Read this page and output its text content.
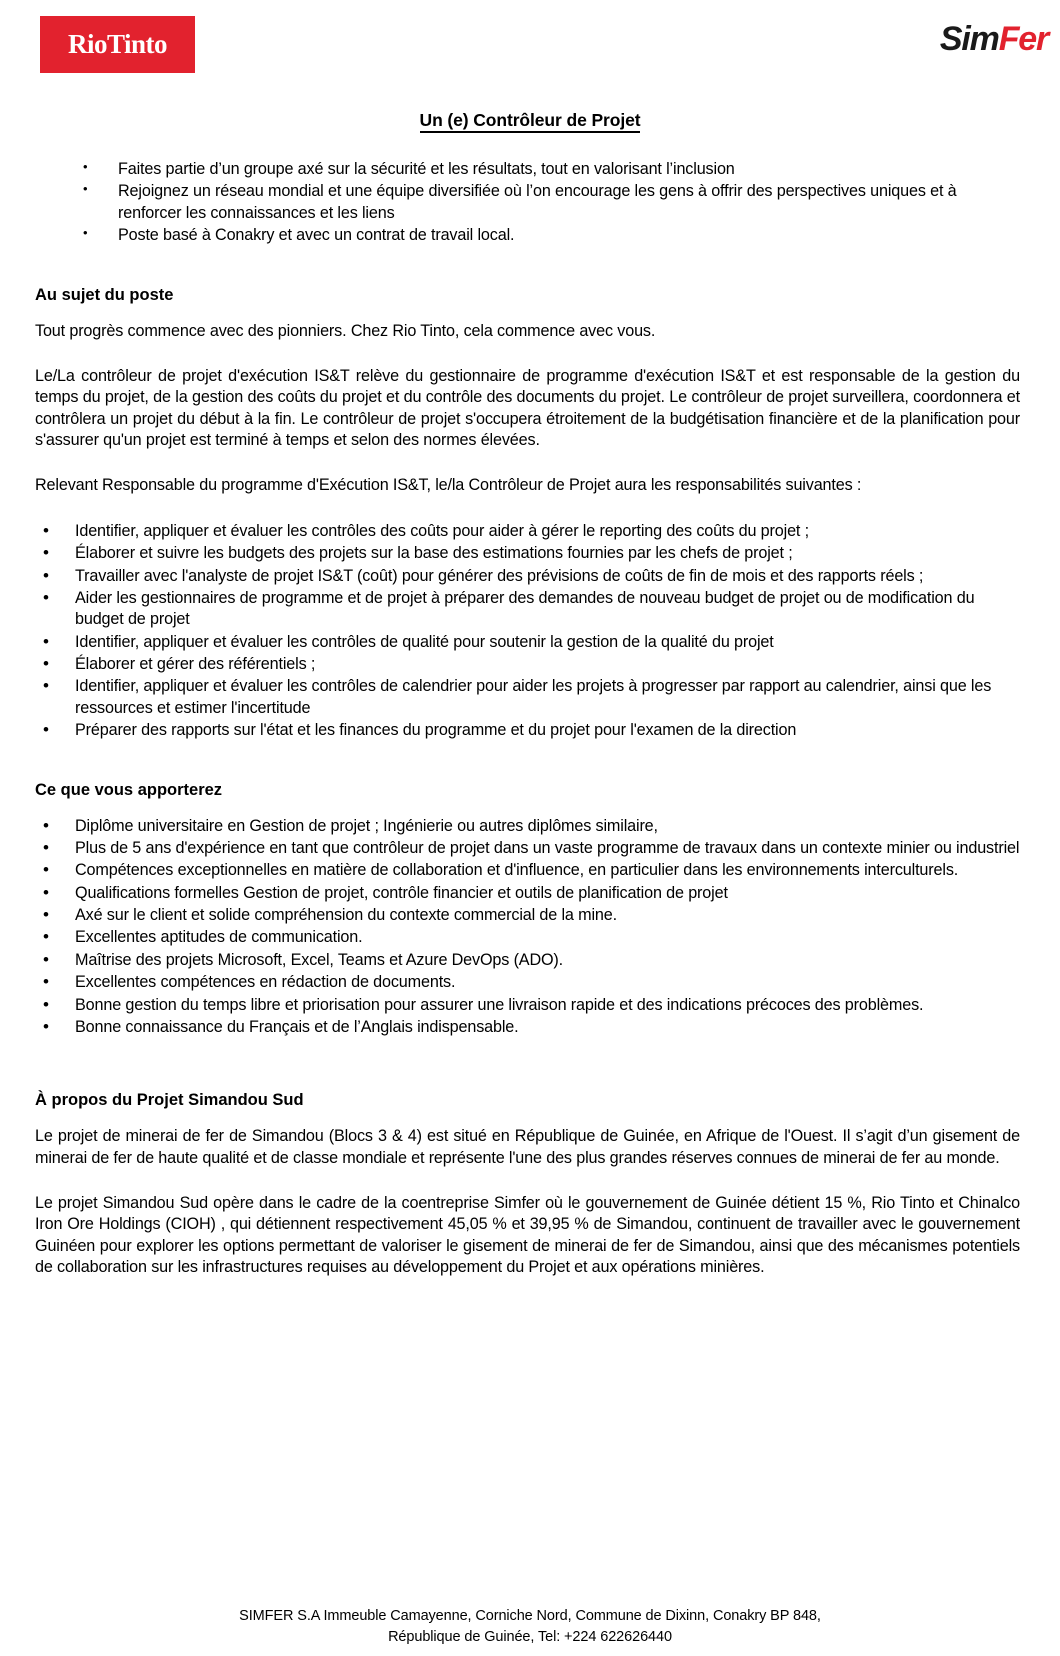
RioTinto	SimFer
Un (e) Contrôleur de Projet
• Faites partie d’un groupe axé sur la sécurité et les résultats, tout en valorisant l’inclusion
• Rejoignez un réseau mondial et une équipe diversifiée où l’on encourage les gens à offrir des perspectives uniques et à renforcer les connaissances et les liens
• Poste basé à Conakry et avec un contrat de travail local.
Au sujet du poste

Tout progrès commence avec des pionniers. Chez Rio Tinto, cela commence avec vous.

Le/La contrôleur de projet d'exécution IS&T relève du gestionnaire de programme d'exécution IS&T et est responsable de la gestion du temps du projet, de la gestion des coûts du projet et du contrôle des documents du projet. Le contrôleur de projet surveillera, coordonnera et contrôlera un projet du début à la fin. Le contrôleur de projet s'occupera étroitement de la budgétisation financière et de la planification pour s'assurer qu'un projet est terminé à temps et selon des normes élevées.

Relevant Responsable du programme d'Exécution IS&T, le/la Contrôleur de Projet aura les responsabilités suivantes :

• Identifier, appliquer et évaluer les contrôles des coûts pour aider à gérer le reporting des coûts du projet ;
• Élaborer et suivre les budgets des projets sur la base des estimations fournies par les chefs de projet ;
• Travailler avec l'analyste de projet IS&T (coût) pour générer des prévisions de coûts de fin de mois et des rapports réels ;
• Aider les gestionnaires de programme et de projet à préparer des demandes de nouveau budget de projet ou de modification du budget de projet
• Identifier, appliquer et évaluer les contrôles de qualité pour soutenir la gestion de la qualité du projet
• Élaborer et gérer des référentiels ;
• Identifier, appliquer et évaluer les contrôles de calendrier pour aider les projets à progresser par rapport au calendrier, ainsi que les ressources et estimer l'incertitude
• Préparer des rapports sur l'état et les finances du programme et du projet pour l'examen de la direction
Ce que vous apporterez
• Diplôme universitaire en Gestion de projet ; Ingénierie ou autres diplômes similaire,
• Plus de 5 ans d'expérience en tant que contrôleur de projet dans un vaste programme de travaux dans un contexte minier ou industriel
• Compétences exceptionnelles en matière de collaboration et d'influence, en particulier dans les environnements interculturels.
• Qualifications formelles Gestion de projet, contrôle financier et outils de planification de projet
• Axé sur le client et solide compréhension du contexte commercial de la mine.
• Excellentes aptitudes de communication.
• Maîtrise des projets Microsoft, Excel, Teams et Azure DevOps (ADO).
• Excellentes compétences en rédaction de documents.
• Bonne gestion du temps libre et priorisation pour assurer une livraison rapide et des indications précoces des problèmes.
• Bonne connaissance du Français et de l’Anglais indispensable.
À propos du Projet Simandou Sud

Le projet de minerai de fer de Simandou (Blocs 3 & 4) est situé en République de Guinée, en Afrique de l'Ouest. Il s’agit d’un gisement de minerai de fer de haute qualité et de classe mondiale et représente l'une des plus grandes réserves connues de minerai de fer au monde.

Le projet Simandou Sud opère dans le cadre de la coentreprise Simfer où le gouvernement de Guinée détient 15 %, Rio Tinto et Chinalco Iron Ore Holdings (CIOH) , qui détiennent respectivement 45,05 % et 39,95 % de Simandou, continuent de travailler avec le gouvernement Guinéen pour explorer les options permettant de valoriser le gisement de minerai de fer de Simandou, ainsi que des mécanismes potentiels de collaboration sur les infrastructures requises au développement du Projet et aux opérations minières.

SIMFER S.A Immeuble Camayenne, Corniche Nord, Commune de Dixinn, Conakry BP 848,
République de Guinée, Tel: +224 622626440
